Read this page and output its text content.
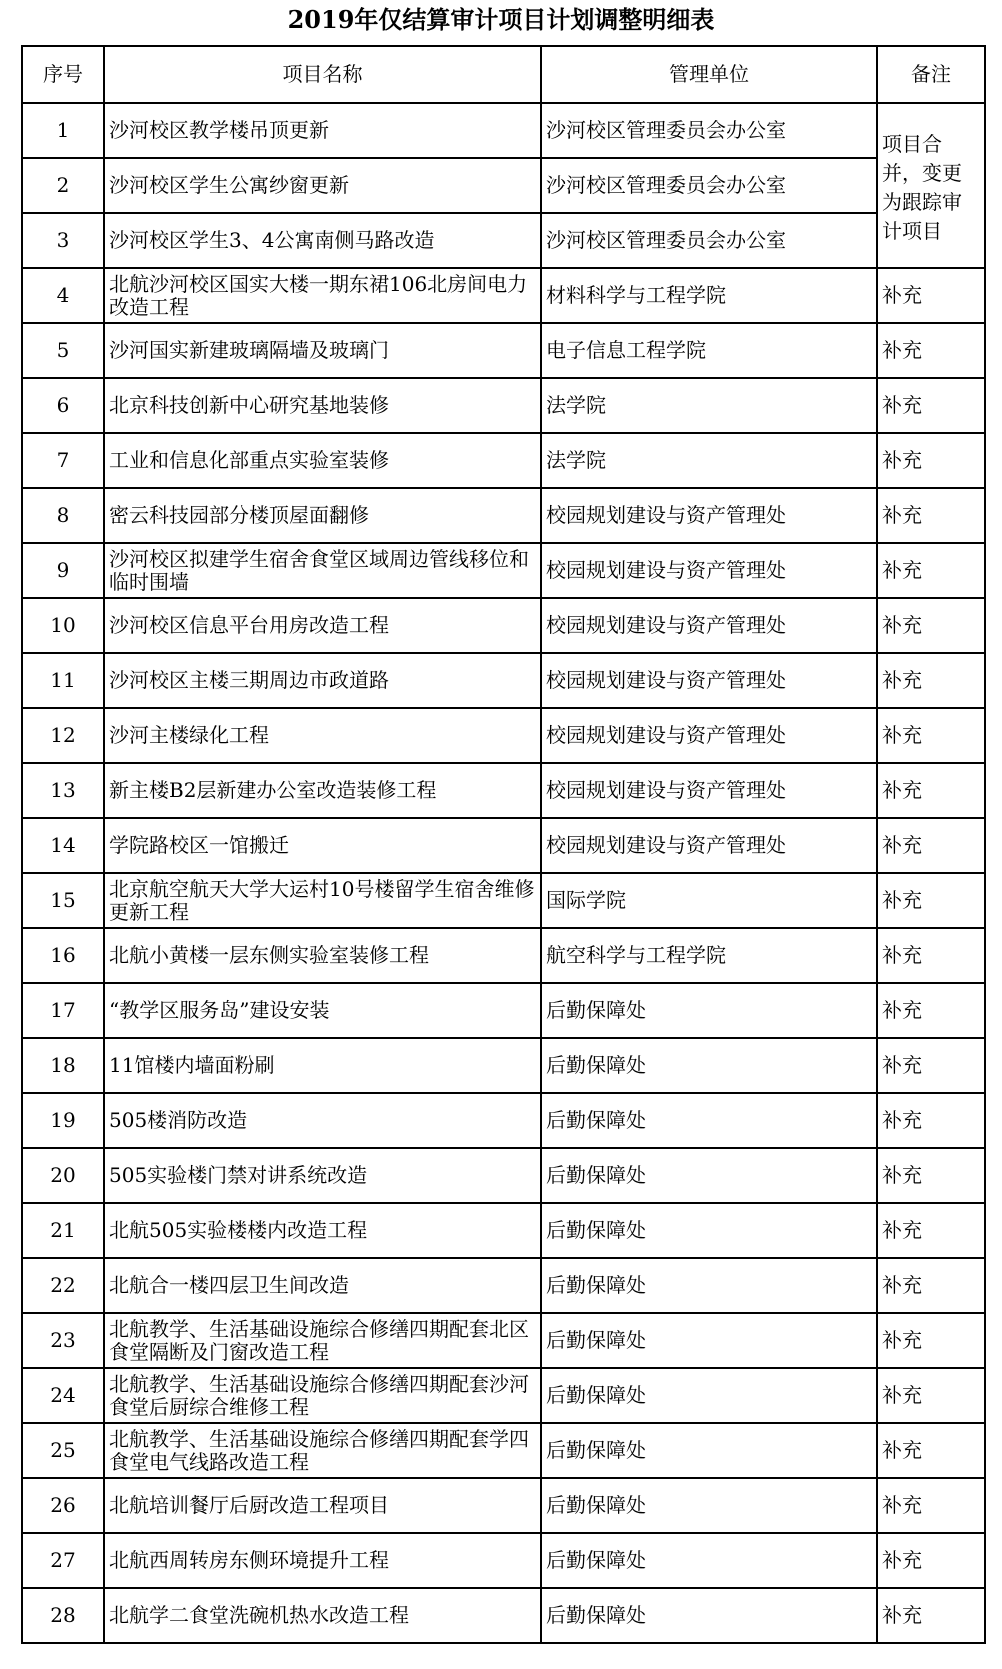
2019年仅结算审计项目计划调整明细表
序号	项目名称	管理单位	备注
1	沙河校区教学楼吊顶更新	沙河校区管理委员会办公室	项目合并，变更为跟踪审计项目
2	沙河校区学生公寓纱窗更新	沙河校区管理委员会办公室	
3	沙河校区学生3、4公寓南侧马路改造	沙河校区管理委员会办公室	
4	北航沙河校区国实大楼一期东裙106北房间电力改造工程	材料科学与工程学院	补充
5	沙河国实新建玻璃隔墙及玻璃门	电子信息工程学院	补充
6	北京科技创新中心研究基地装修	法学院	补充
7	工业和信息化部重点实验室装修	法学院	补充
8	密云科技园部分楼顶屋面翻修	校园规划建设与资产管理处	补充
9	沙河校区拟建学生宿舍食堂区域周边管线移位和临时围墙	校园规划建设与资产管理处	补充
10	沙河校区信息平台用房改造工程	校园规划建设与资产管理处	补充
11	沙河校区主楼三期周边市政道路	校园规划建设与资产管理处	补充
12	沙河主楼绿化工程	校园规划建设与资产管理处	补充
13	新主楼B2层新建办公室改造装修工程	校园规划建设与资产管理处	补充
14	学院路校区一馆搬迁	校园规划建设与资产管理处	补充
15	北京航空航天大学大运村10号楼留学生宿舍维修更新工程	国际学院	补充
16	北航小黄楼一层东侧实验室装修工程	航空科学与工程学院	补充
17	“教学区服务岛”建设安装	后勤保障处	补充
18	11馆楼内墙面粉刷	后勤保障处	补充
19	505楼消防改造	后勤保障处	补充
20	505实验楼门禁对讲系统改造	后勤保障处	补充
21	北航505实验楼楼内改造工程	后勤保障处	补充
22	北航合一楼四层卫生间改造	后勤保障处	补充
23	北航教学、生活基础设施综合修缮四期配套北区食堂隔断及门窗改造工程	后勤保障处	补充
24	北航教学、生活基础设施综合修缮四期配套沙河食堂后厨综合维修工程	后勤保障处	补充
25	北航教学、生活基础设施综合修缮四期配套学四食堂电气线路改造工程	后勤保障处	补充
26	北航培训餐厅后厨改造工程项目	后勤保障处	补充
27	北航西周转房东侧环境提升工程	后勤保障处	补充
28	北航学二食堂洗碗机热水改造工程	后勤保障处	补充
